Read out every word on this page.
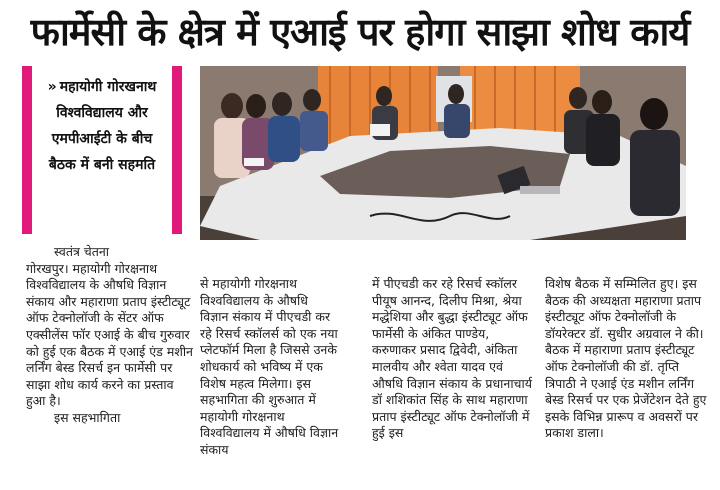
फार्मेसी के क्षेत्र में एआई पर होगा साझा शोध कार्य
» महायोगी गोरखनाथ विश्वविद्यालय और एमपीआईटी के बीच बैठक में बनी सहमति
स्वतंत्र चेतना
गोरखपुर। महायोगी गोरक्षनाथ विश्वविद्यालय के औषधि विज्ञान संकाय और महाराणा प्रताप इंस्टीट्यूट ऑफ टेक्नोलॉजी के सेंटर ऑफ एक्सीलेंस फॉर एआई के बीच गुरुवार को हुई एक बैठक में एआई एंड मशीन लर्निंग बेस्ड रिसर्च इन फार्मेसी पर साझा शोध कार्य करने का प्रस्ताव हुआ है।
इस सहभागिता
से महायोगी गोरक्षनाथ विश्वविद्यालय के औषधि विज्ञान संकाय में पीएचडी कर रहे रिसर्च स्कॉलर्स को एक नया प्लेटफॉर्म मिला है जिससे उनके शोधकार्य को भविष्य में एक विशेष महत्व मिलेगा। इस सहभागिता की शुरुआत में महायोगी गोरक्षनाथ विश्वविद्यालय में औषधि विज्ञान संकाय
में पीएचडी कर रहे रिसर्च स्कॉलर पीयूष आनन्द, दिलीप मिश्रा, श्रेया मद्धेशिया और बुद्धा इंस्टीट्यूट ऑफ फार्मेसी के अंकित पाण्डेय, करुणाकर प्रसाद द्विवेदी, अंकिता मालवीय और श्वेता यादव एवं औषधि विज्ञान संकाय के प्रधानाचार्य डॉ शशिकांत सिंह के साथ महाराणा प्रताप इंस्टीट्यूट ऑफ टेक्नोलॉजी में हुई इस
विशेष बैठक में सम्मिलित हुए। इस बैठक की अध्यक्षता महाराणा प्रताप इंस्टीट्यूट ऑफ टेक्नोलॉजी के डॉयरेक्टर डॉ. सुधीर अग्रवाल ने की। बैठक में महाराणा प्रताप इंस्टीट्यूट ऑफ टेक्नोलॉजी की डॉ. तृप्ति त्रिपाठी ने एआई एंड मशीन लर्निंग बेस्ड रिसर्च पर एक प्रेजेंटेशन देते हुए इसके विभिन्न प्रारूप व अवसरों पर प्रकाश डाला।
